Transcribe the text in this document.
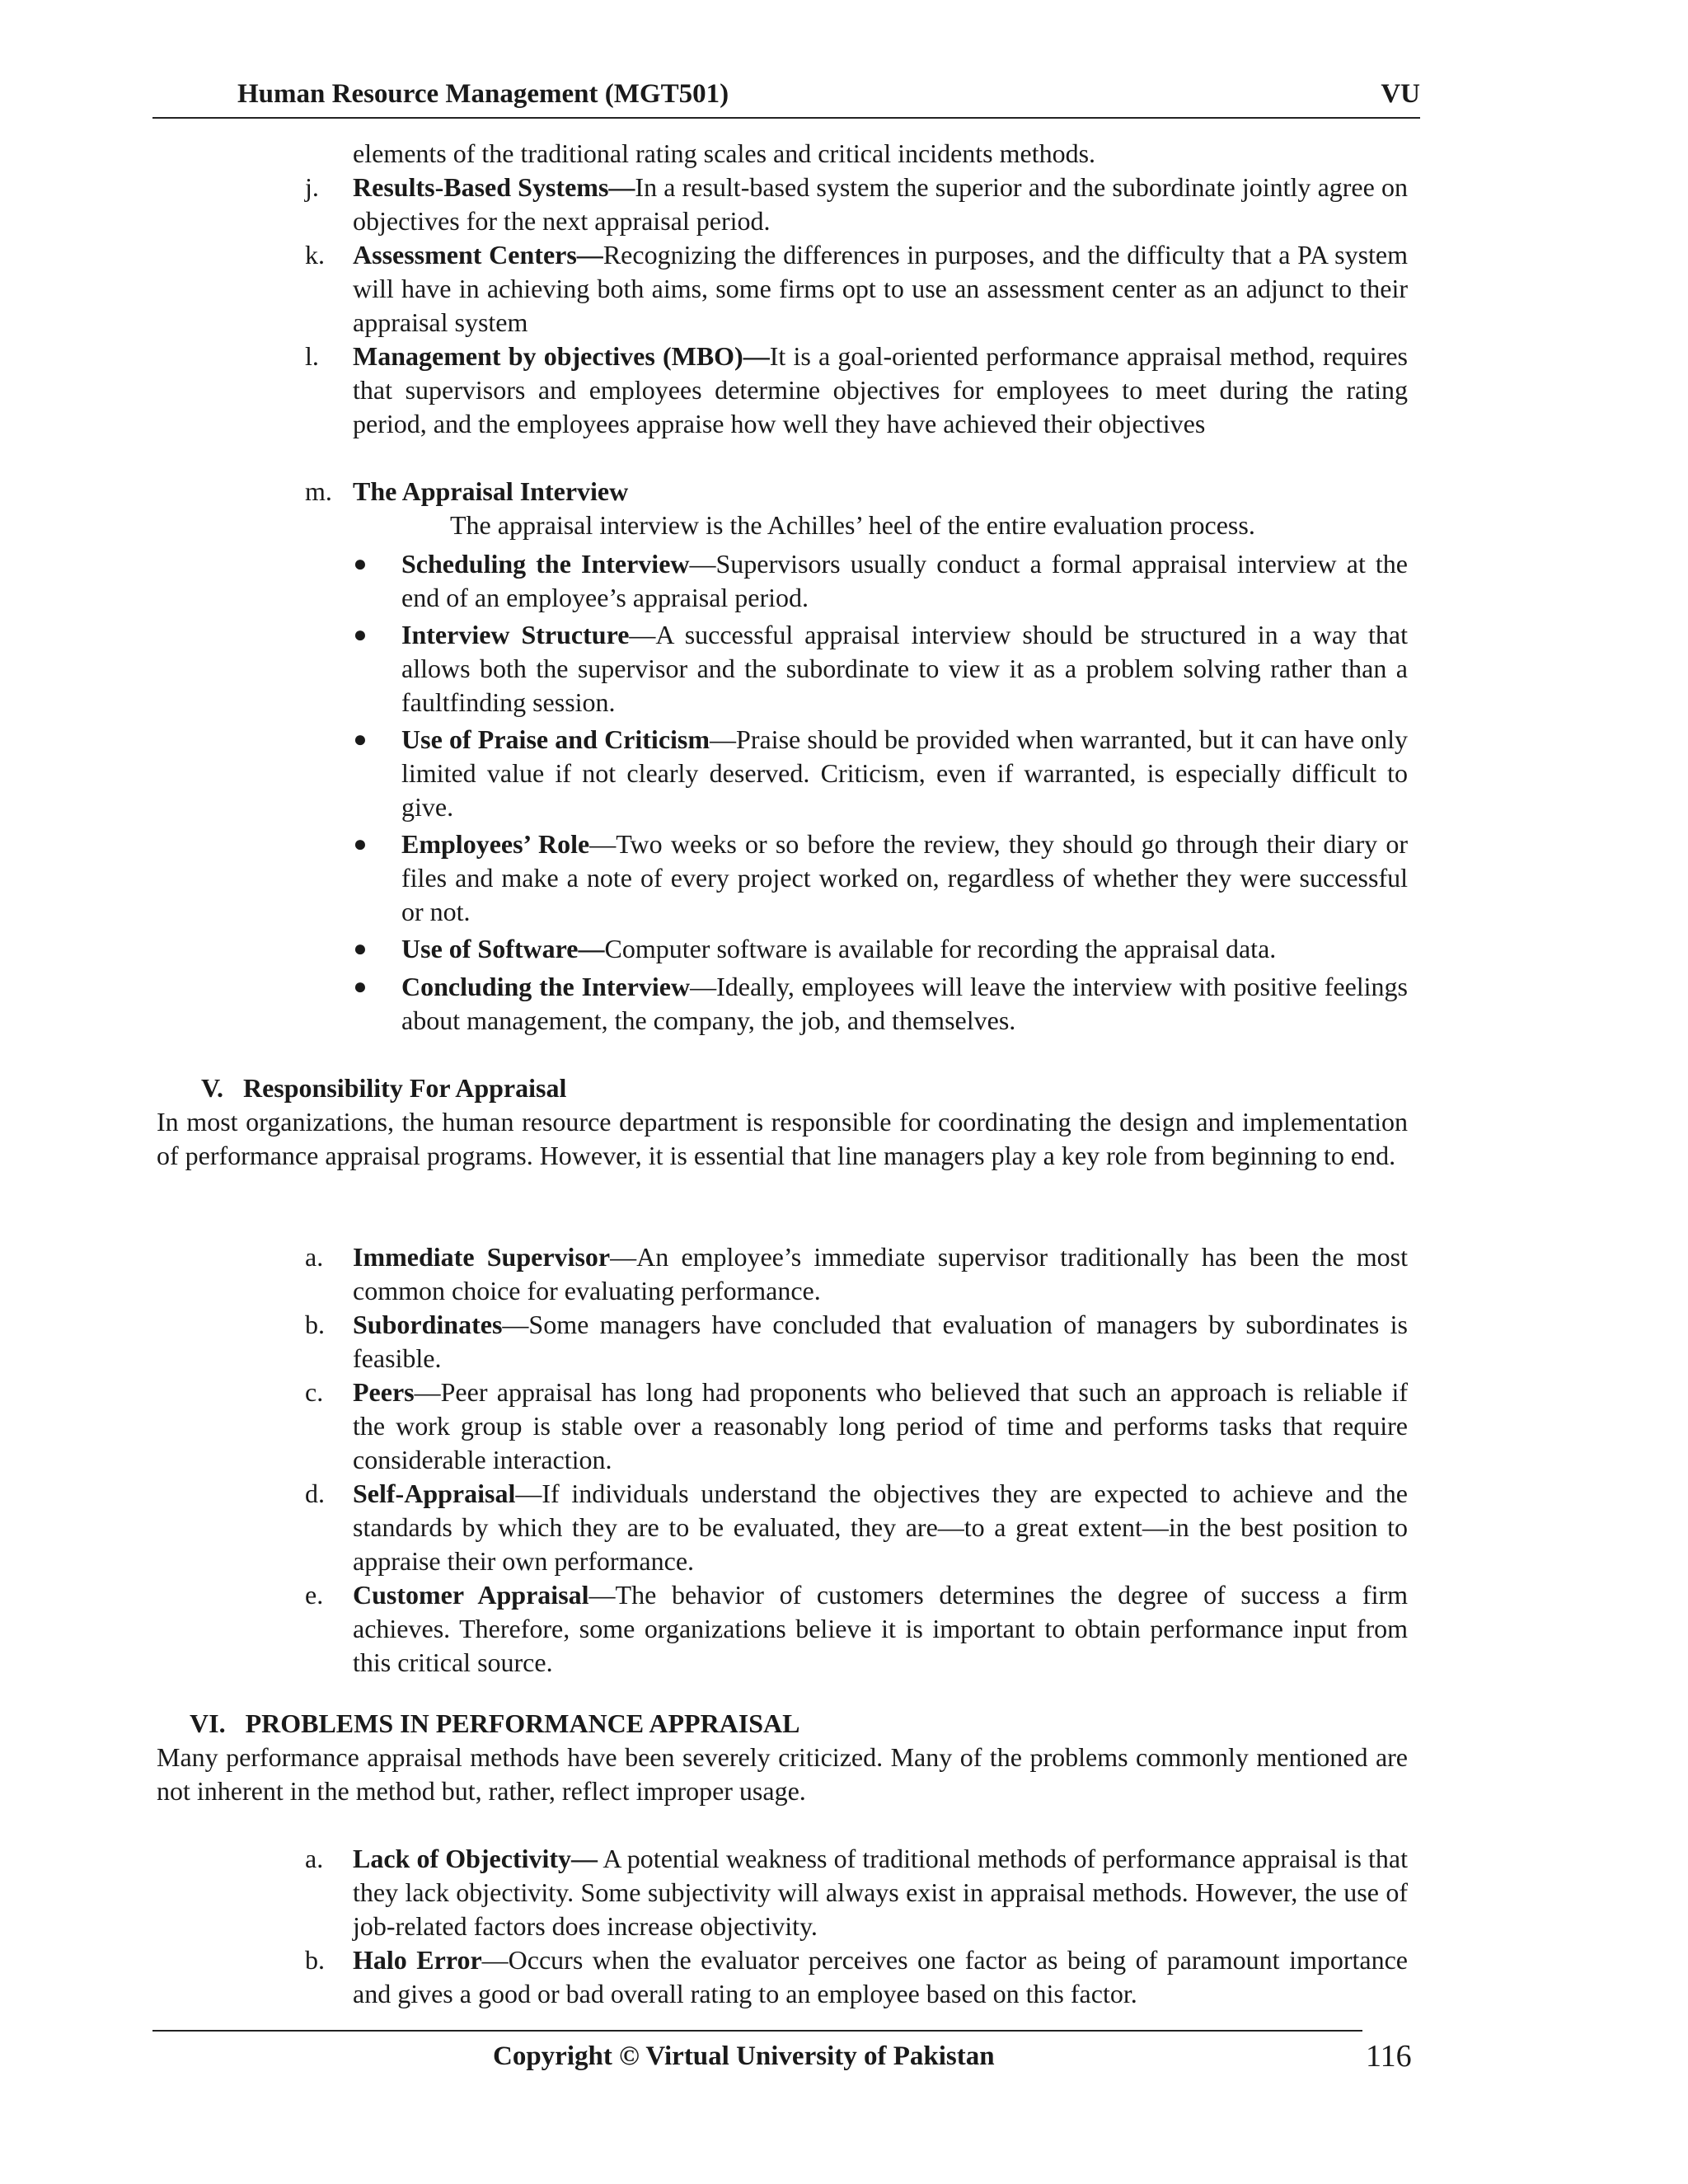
Human Resource Management (MGT501)	VU

elements of the traditional rating scales and critical incidents methods.

j.	Results-Based Systems—In a result-based system the superior and the subordinate jointly agree on objectives for the next appraisal period.

k.	Assessment Centers—Recognizing the differences in purposes, and the difficulty that a PA system will have in achieving both aims, some firms opt to use an assessment center as an adjunct to their appraisal system

l.	Management by objectives (MBO)—It is a goal-oriented performance appraisal method, requires that supervisors and employees determine objectives for employees to meet during the rating period, and the employees appraise how well they have achieved their objectives

m. The Appraisal Interview

The appraisal interview is the Achilles’ heel of the entire evaluation process.

●	Scheduling the Interview—Supervisors usually conduct a formal appraisal interview at the end of an employee’s appraisal period.

●	Interview Structure—A successful appraisal interview should be structured in a way that allows both the supervisor and the subordinate to view it as a problem solving rather than a faultfinding session.

●	Use of Praise and Criticism—Praise should be provided when warranted, but it can have only limited value if not clearly deserved. Criticism, even if warranted, is especially difficult to give.

●	Employees’ Role—Two weeks or so before the review, they should go through their diary or files and make a note of every project worked on, regardless of whether they were successful or not.

●	Use of Software—Computer software is available for recording the appraisal data.

●	Concluding the Interview—Ideally, employees will leave the interview with positive feelings about management, the company, the job, and themselves.

V. Responsibility For Appraisal

In most organizations, the human resource department is responsible for coordinating the design and implementation of performance appraisal programs. However, it is essential that line managers play a key role from beginning to end.

a.	Immediate Supervisor—An employee’s immediate supervisor traditionally has been the most common choice for evaluating performance.

b.	Subordinates—Some managers have concluded that evaluation of managers by subordinates is feasible.

c.	Peers—Peer appraisal has long had proponents who believed that such an approach is reliable if the work group is stable over a reasonably long period of time and performs tasks that require considerable interaction.

d.	Self-Appraisal—If individuals understand the objectives they are expected to achieve and the standards by which they are to be evaluated, they are—to a great extent—in the best position to appraise their own performance.

e.	Customer Appraisal—The behavior of customers determines the degree of success a firm achieves. Therefore, some organizations believe it is important to obtain performance input from this critical source.

VI. PROBLEMS IN PERFORMANCE APPRAISAL

Many performance appraisal methods have been severely criticized. Many of the problems commonly mentioned are not inherent in the method but, rather, reflect improper usage.

a.	Lack of Objectivity— A potential weakness of traditional methods of performance appraisal is that they lack objectivity. Some subjectivity will always exist in appraisal methods. However, the use of job-related factors does increase objectivity.

b.	Halo Error—Occurs when the evaluator perceives one factor as being of paramount importance and gives a good or bad overall rating to an employee based on this factor.

Copyright © Virtual University of Pakistan	116
